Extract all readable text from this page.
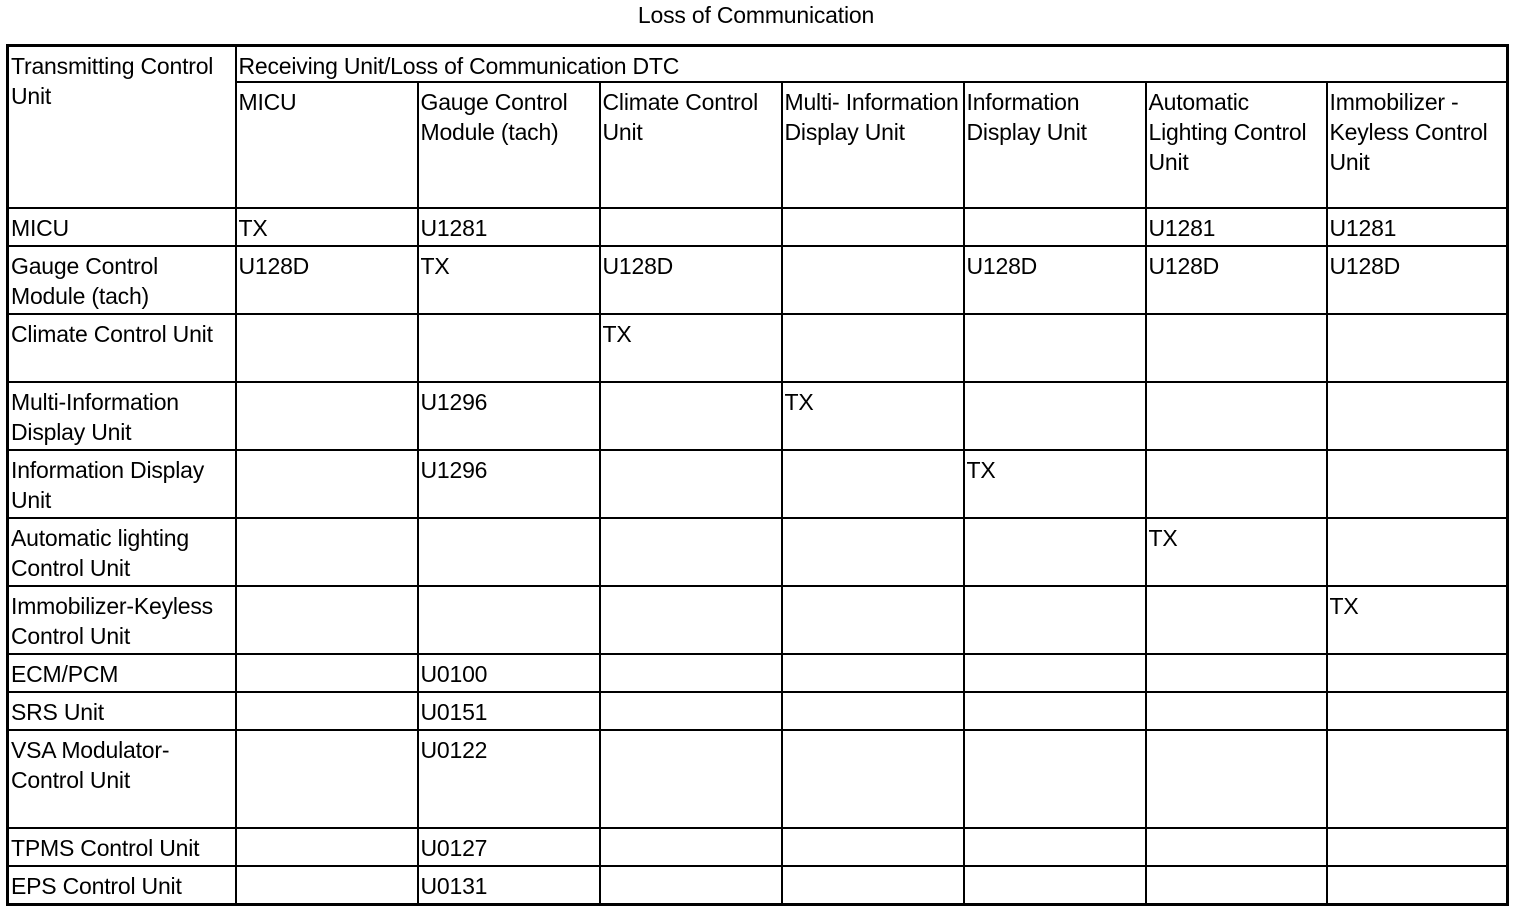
Loss of Communication
Transmitting Control Unit	Receiving Unit/Loss of Communication DTC						
	MICU	Gauge Control Module (tach)	Climate Control Unit	Multi- Information Display Unit	Information Display Unit	Automatic Lighting Control Unit	Immobilizer -Keyless Control Unit
MICU	TX	U1281				U1281	U1281
Gauge Control Module (tach)	U128D	TX	U128D		U128D	U128D	U128D
Climate Control Unit			TX				
Multi-Information Display Unit		U1296		TX			
Information Display Unit		U1296			TX		
Automatic lighting Control Unit						TX	
Immobilizer-Keyless Control Unit							TX
ECM/PCM		U0100					
SRS Unit		U0151					
VSA Modulator-Control Unit		U0122					
TPMS Control Unit		U0127					
EPS Control Unit		U0131					
